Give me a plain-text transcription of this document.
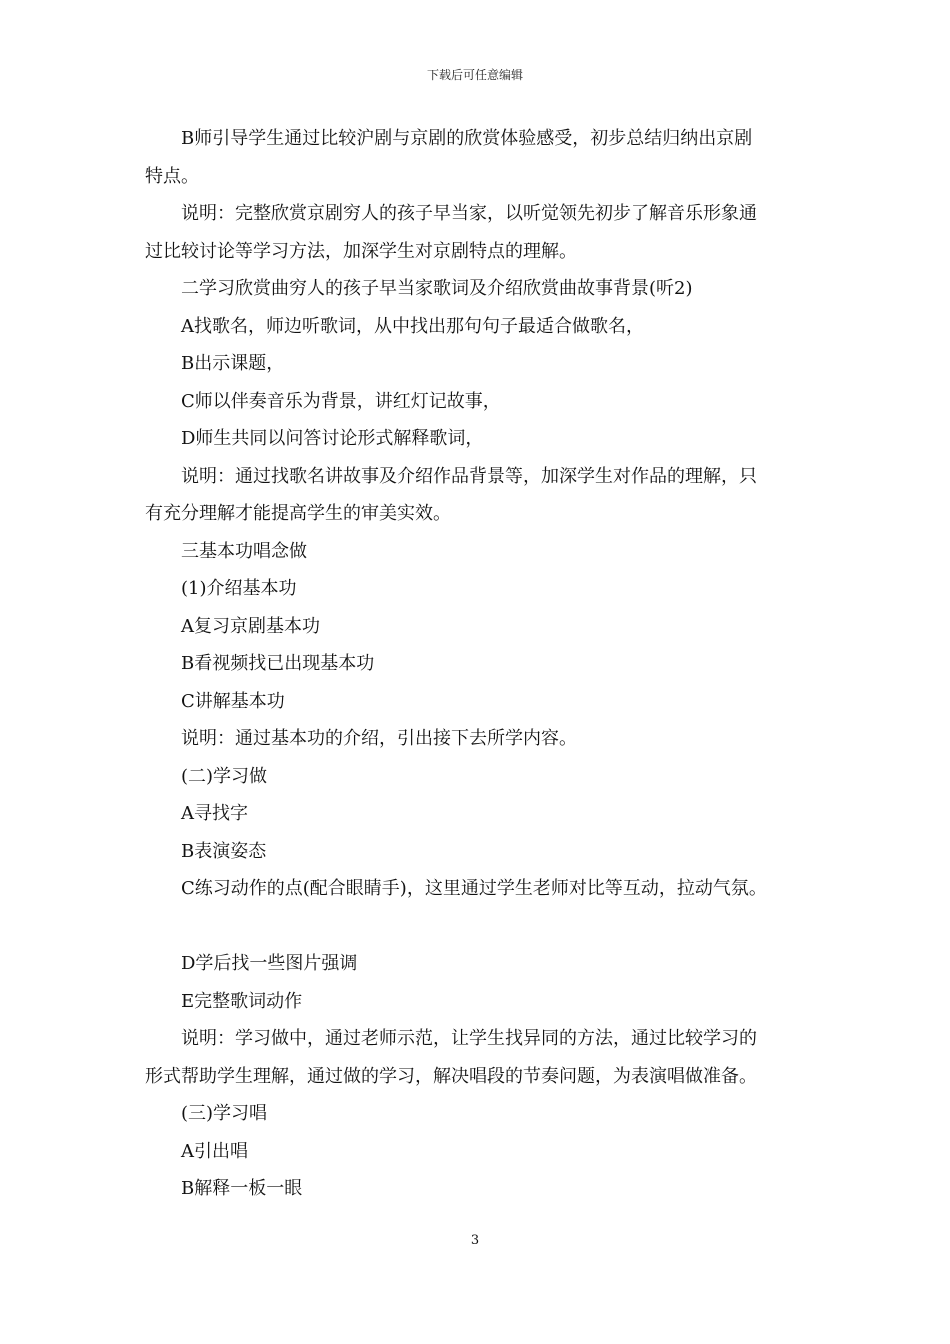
下载后可任意编辑

B师引导学生通过比较沪剧与京剧的欣赏体验感受，初步总结归纳出京剧

特点。

说明：完整欣赏京剧穷人的孩子早当家，以听觉领先初步了解音乐形象通

过比较讨论等学习方法，加深学生对京剧特点的理解。

二学习欣赏曲穷人的孩子早当家歌词及介绍欣赏曲故事背景(听2)

A找歌名，师边听歌词，从中找出那句句子最适合做歌名，

B出示课题，

C师以伴奏音乐为背景，讲红灯记故事，

D师生共同以问答讨论形式解释歌词，

说明：通过找歌名讲故事及介绍作品背景等，加深学生对作品的理解，只

有充分理解才能提高学生的审美实效。

三基本功唱念做

(1)介绍基本功

A复习京剧基本功

B看视频找已出现基本功

C讲解基本功

说明：通过基本功的介绍，引出接下去所学内容。

(二)学习做

A寻找字

B表演姿态

C练习动作的点(配合眼睛手)，这里通过学生老师对比等互动，拉动气氛。

D学后找一些图片强调

E完整歌词动作

说明：学习做中，通过老师示范，让学生找异同的方法，通过比较学习的

形式帮助学生理解，通过做的学习，解决唱段的节奏问题，为表演唱做准备。

(三)学习唱

A引出唱

B解释一板一眼

3
